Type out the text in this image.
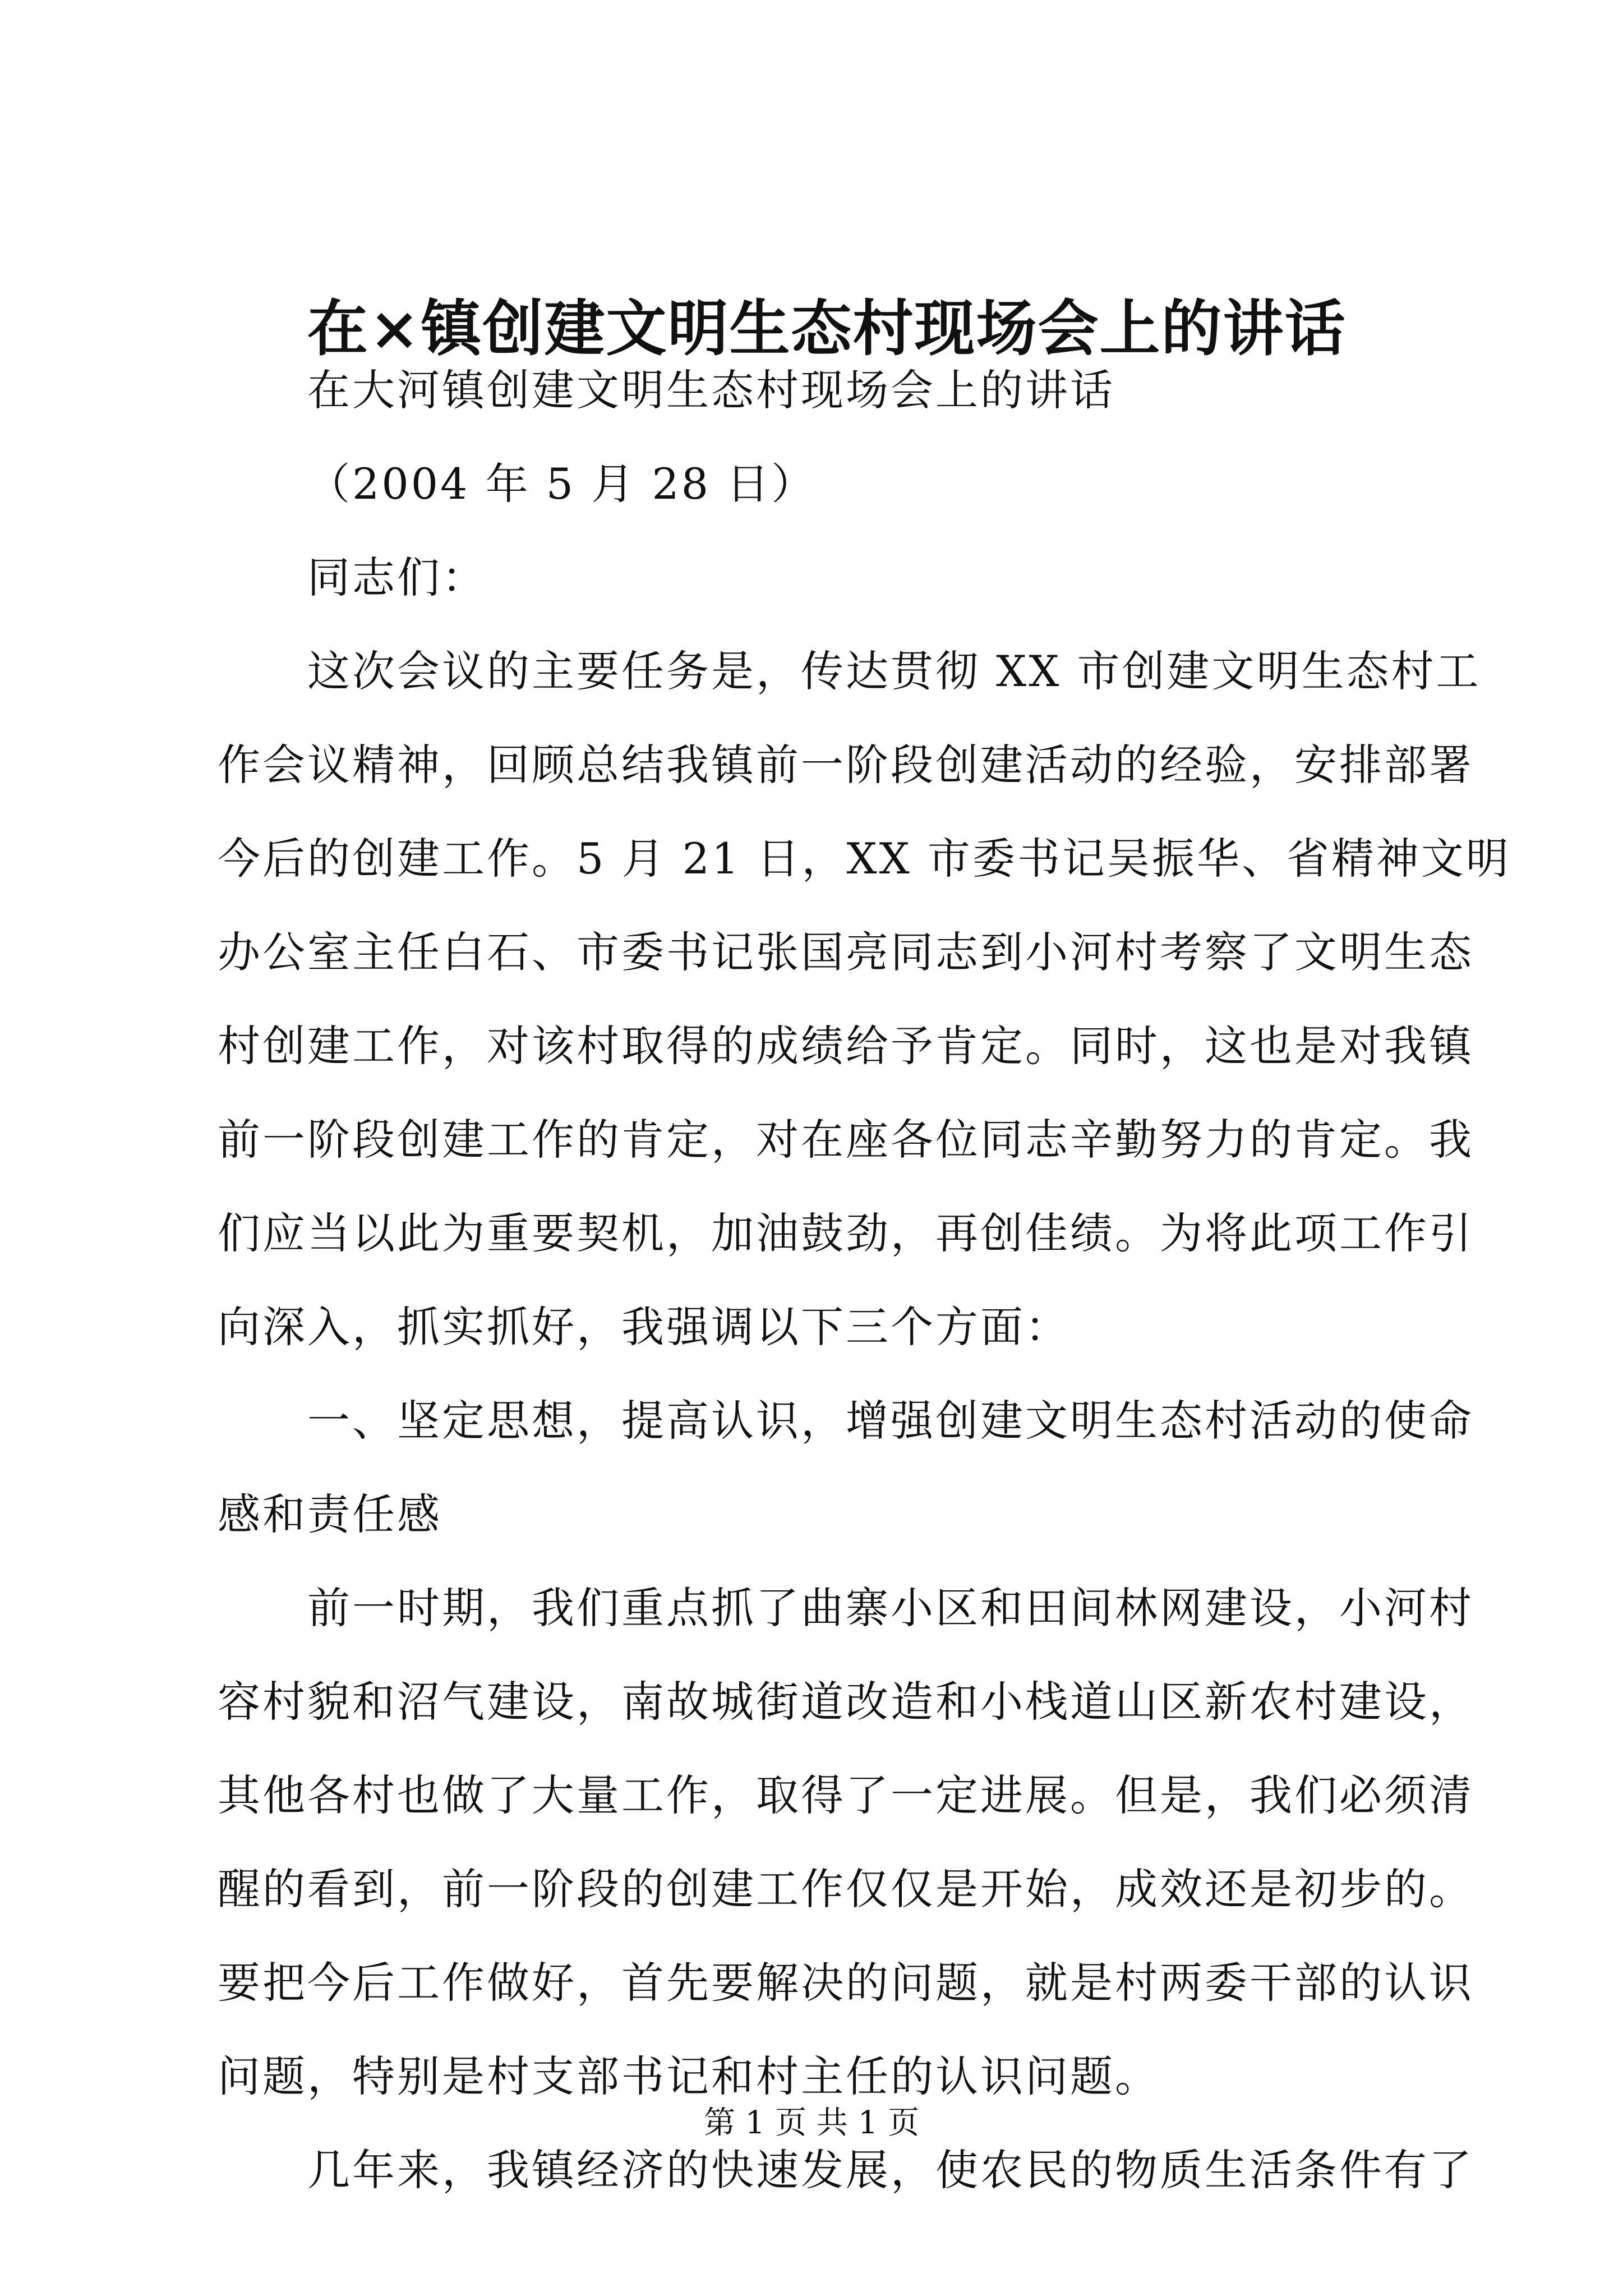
在×镇创建文明生态村现场会上的讲话
在大河镇创建文明生态村现场会上的讲话
（2004 年 5 月 28 日）
同志们：
这次会议的主要任务是，传达贯彻 XX 市创建文明生态村工
作会议精神，回顾总结我镇前一阶段创建活动的经验，安排部署
今后的创建工作。5 月 21 日，XX 市委书记吴振华、省精神文明
办公室主任白石、市委书记张国亮同志到小河村考察了文明生态
村创建工作，对该村取得的成绩给予肯定。同时，这也是对我镇
前一阶段创建工作的肯定，对在座各位同志辛勤努力的肯定。我
们应当以此为重要契机，加油鼓劲，再创佳绩。为将此项工作引
向深入，抓实抓好，我强调以下三个方面：
一、坚定思想，提高认识，增强创建文明生态村活动的使命
感和责任感
前一时期，我们重点抓了曲寨小区和田间林网建设，小河村
容村貌和沼气建设，南故城街道改造和小栈道山区新农村建设，
其他各村也做了大量工作，取得了一定进展。但是，我们必须清
醒的看到，前一阶段的创建工作仅仅是开始，成效还是初步的。
要把今后工作做好，首先要解决的问题，就是村两委干部的认识
问题，特别是村支部书记和村主任的认识问题。
几年来，我镇经济的快速发展，使农民的物质生活条件有了
第 1 页 共 1 页
